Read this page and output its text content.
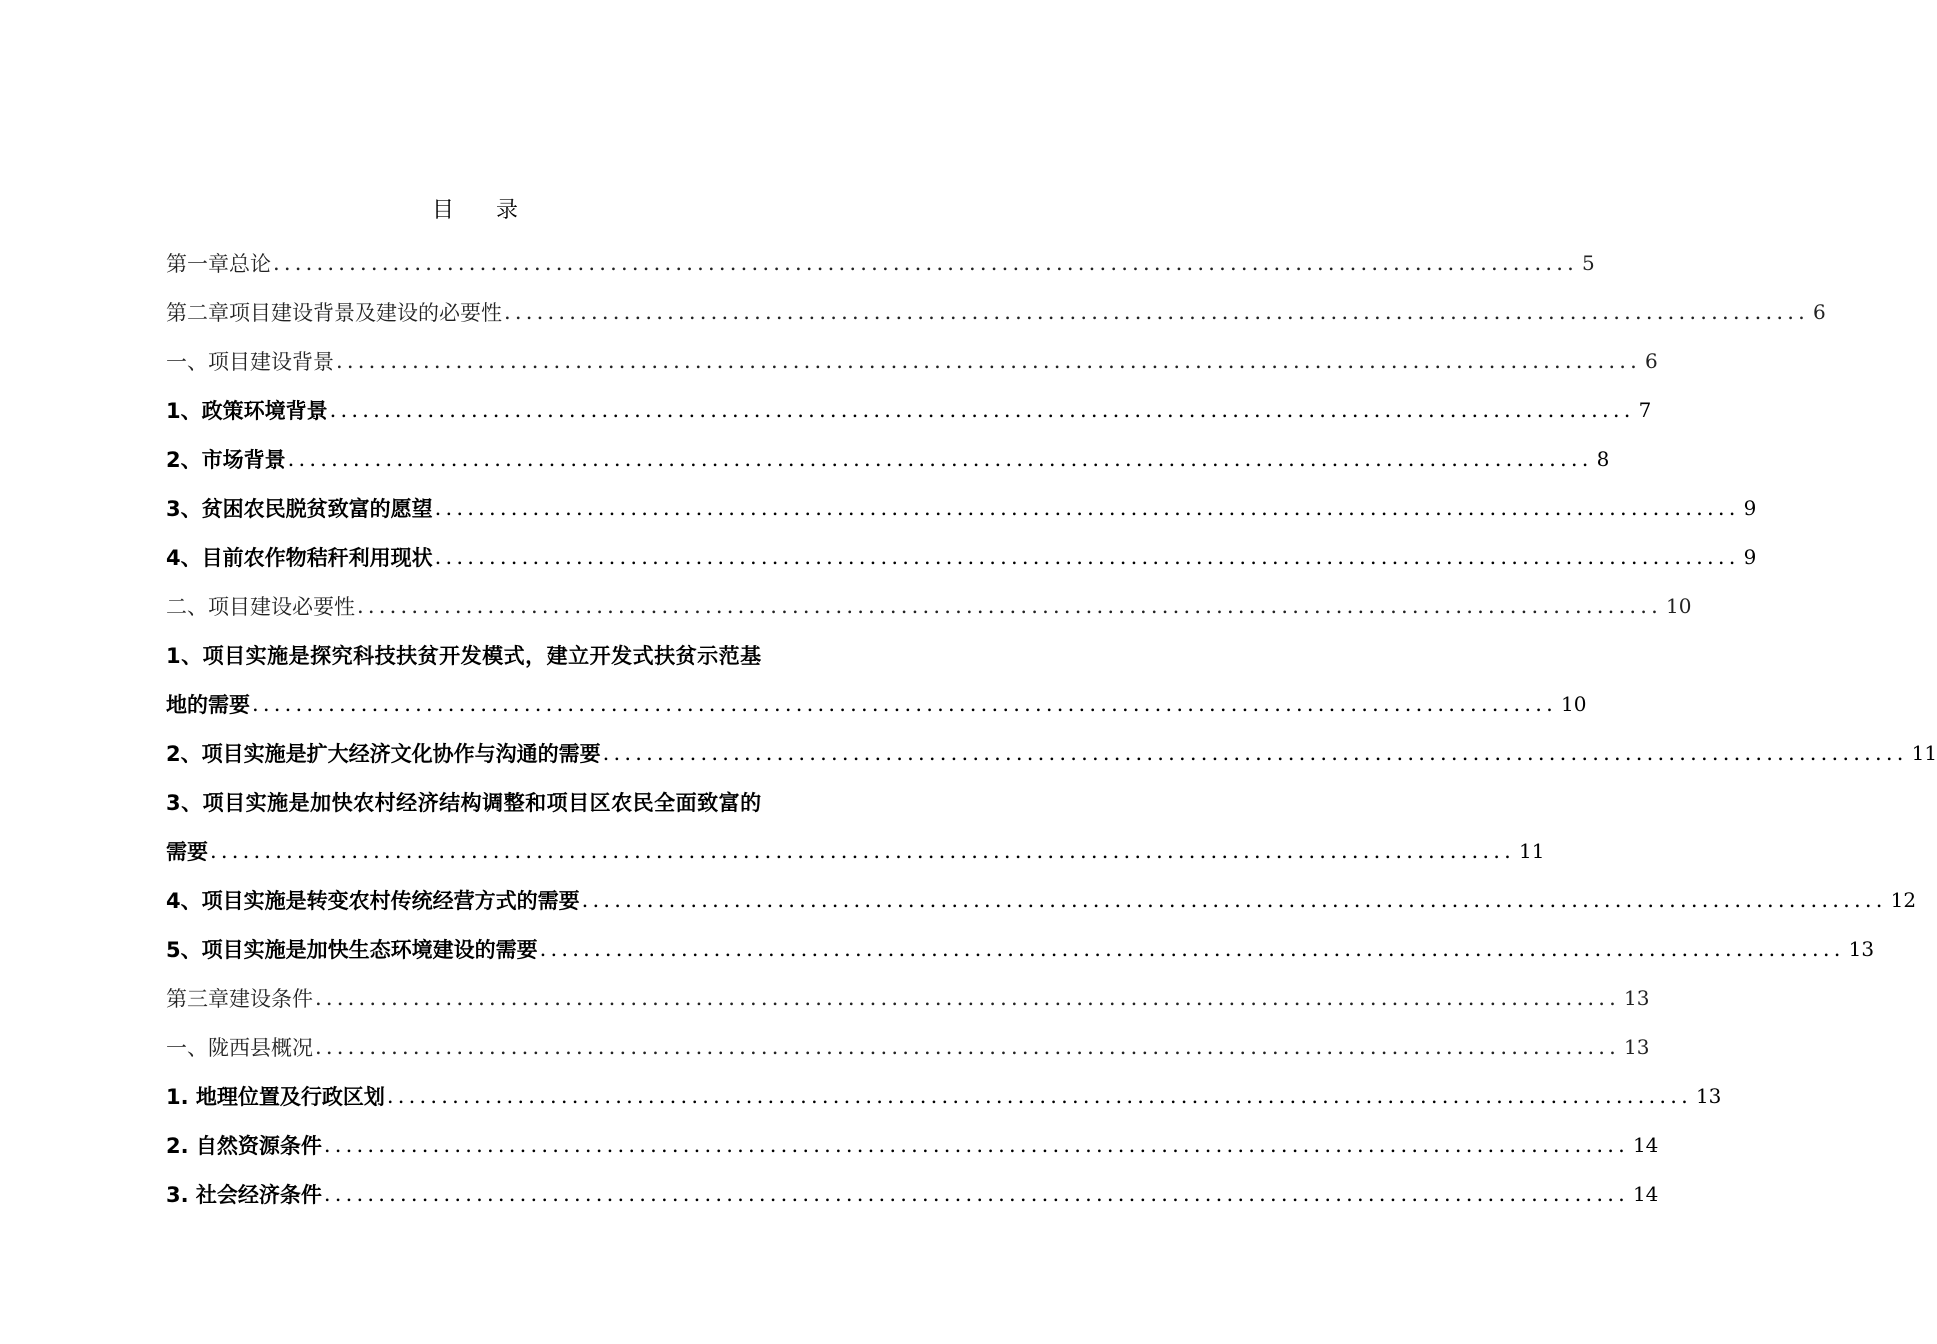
目 录
第一章 总论 ........................................................................................................................ 5
第二章 项目建设背景及建设的必要性 ........................................................................................................................ 6
一、项目建设背景 ........................................................................................................................ 6
1、政策环境背景 ........................................................................................................................ 7
2、市场背景 ........................................................................................................................ 8
3、贫困农民脱贫致富的愿望 ........................................................................................................................ 9
4、目前农作物秸秆利用现状 ........................................................................................................................ 9
二、项目建设必要性 ........................................................................................................................ 10
1、项目实施是探究科技扶贫开发模式，建立开发式扶贫示范基
地的需要 ........................................................................................................................ 10
2、项目实施是扩大经济文化协作与沟通的需要 ........................................................................................................................ 11
3、项目实施是加快农村经济结构调整和项目区农民全面致富的
需要 ........................................................................................................................ 11
4、项目实施是转变农村传统经营方式的需要 ........................................................................................................................ 12
5、项目实施是加快生态环境建设的需要 ........................................................................................................................ 13
第三章 建设条件 ........................................................................................................................ 13
一、陇西县概况 ........................................................................................................................ 13
1. 地理位置及行政区划 ........................................................................................................................ 13
2. 自然资源条件 ........................................................................................................................ 14
3. 社会经济条件 ........................................................................................................................ 14
